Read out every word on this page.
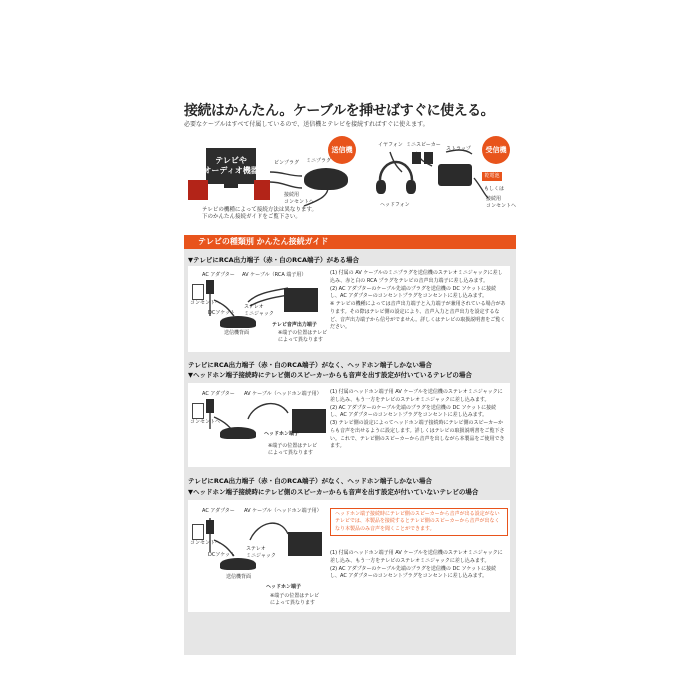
接続はかんたん。ケーブルを挿せばすぐに使える。
必要なケーブルはすべて付属しているので、送信機とテレビを接続すればすぐに使えます。
テレビや
オーディオ機器
ピンプラグ ミニプラグ
接続用
コンセントへ
送信機
イヤフォン ミニスピーカー
ストラップ
ヘッドフォン
受信機
乾電池
もしくは
接続用
コンセントへ
テレビの機種によって接続方法は異なります。
下のかんたん接続ガイドをご覧下さい。
テレビの種類別 かんたん接続ガイド
▼テレビにRCA出力端子（赤・白のRCA端子）がある場合
AC アダプター AV ケーブル（RCA 端子用）
コンセントへ
DCソケット
ステレオ
ミニジャック
送信機背面
テレビ音声出力端子
※端子の位置はテレビ
によって異なります
(1) 付属の AV ケーブルのミニプラグを送信機のステレオミニジャックに差し込み、赤と白の RCA プラグをテレビの音声出力端子に差し込みます。
(2) AC アダプターのケーブル先端のプラグを送信機の DC ソケットに接続し、AC アダプターのコンセントプラグをコンセントに差し込みます。
※ テレビの機種によっては音声出力端子と入力端子が兼用されている場合があります。その際はテレビ側の設定により、音声入力と音声出力を設定するなど、音声出力端子から信号がでません。詳しくはテレビの取扱説明書をご覧ください。
テレビにRCA出力端子（赤・白のRCA端子）がなく、ヘッドホン端子しかない場合
▼ヘッドホン端子接続時にテレビ側のスピーカーからも音声を出す設定が付いているテレビの場合
AC アダプター AV ケーブル（ヘッドホン端子用）
コンセントへ
ヘッドホン端子
※端子の位置はテレビ
によって異なります
(1) 付属のヘッドホン端子用 AV ケーブルを送信機のステレオミニジャックに差し込み、もう一方をテレビのステレオミニジャックに差し込みます。
(2) AC アダプターのケーブル先端のプラグを送信機の DC ソケットに接続し、AC アダプターのコンセントプラグをコンセントに差し込みます。
(3) テレビ側の設定によってヘッドホン端子接続時にテレビ側のスピーカーからも音声を出せるように設定します。詳しくはテレビの取扱説明書をご覧下さい。これで、テレビ側のスピーカーから音声を出しながら本製品をご使用できます。
テレビにRCA出力端子（赤・白のRCA端子）がなく、ヘッドホン端子しかない場合
▼ヘッドホン端子接続時にテレビ側のスピーカーからも音声を出す設定が付いていないテレビの場合
AC アダプター AV ケーブル（ヘッドホン端子用）
コンセントへ
DCソケット
ステレオ
ミニジャック
送信機背面
ヘッドホン端子
※端子の位置はテレビ
によって異なります
ヘッドホン端子接続時にテレビ側のスピーカーから音声が出る設定がないテレビでは、本製品を接続するとテレビ側のスピーカーから音声が出なくなり本製品のみ音声を聞くことができます。
(1) 付属のヘッドホン端子用 AV ケーブルを送信機のステレオミニジャックに差し込み、もう一方をテレビのステレオミニジャックに差し込みます。
(2) AC アダプターのケーブル先端のプラグを送信機の DC ソケットに接続し、AC アダプターのコンセントプラグをコンセントに差し込みます。
